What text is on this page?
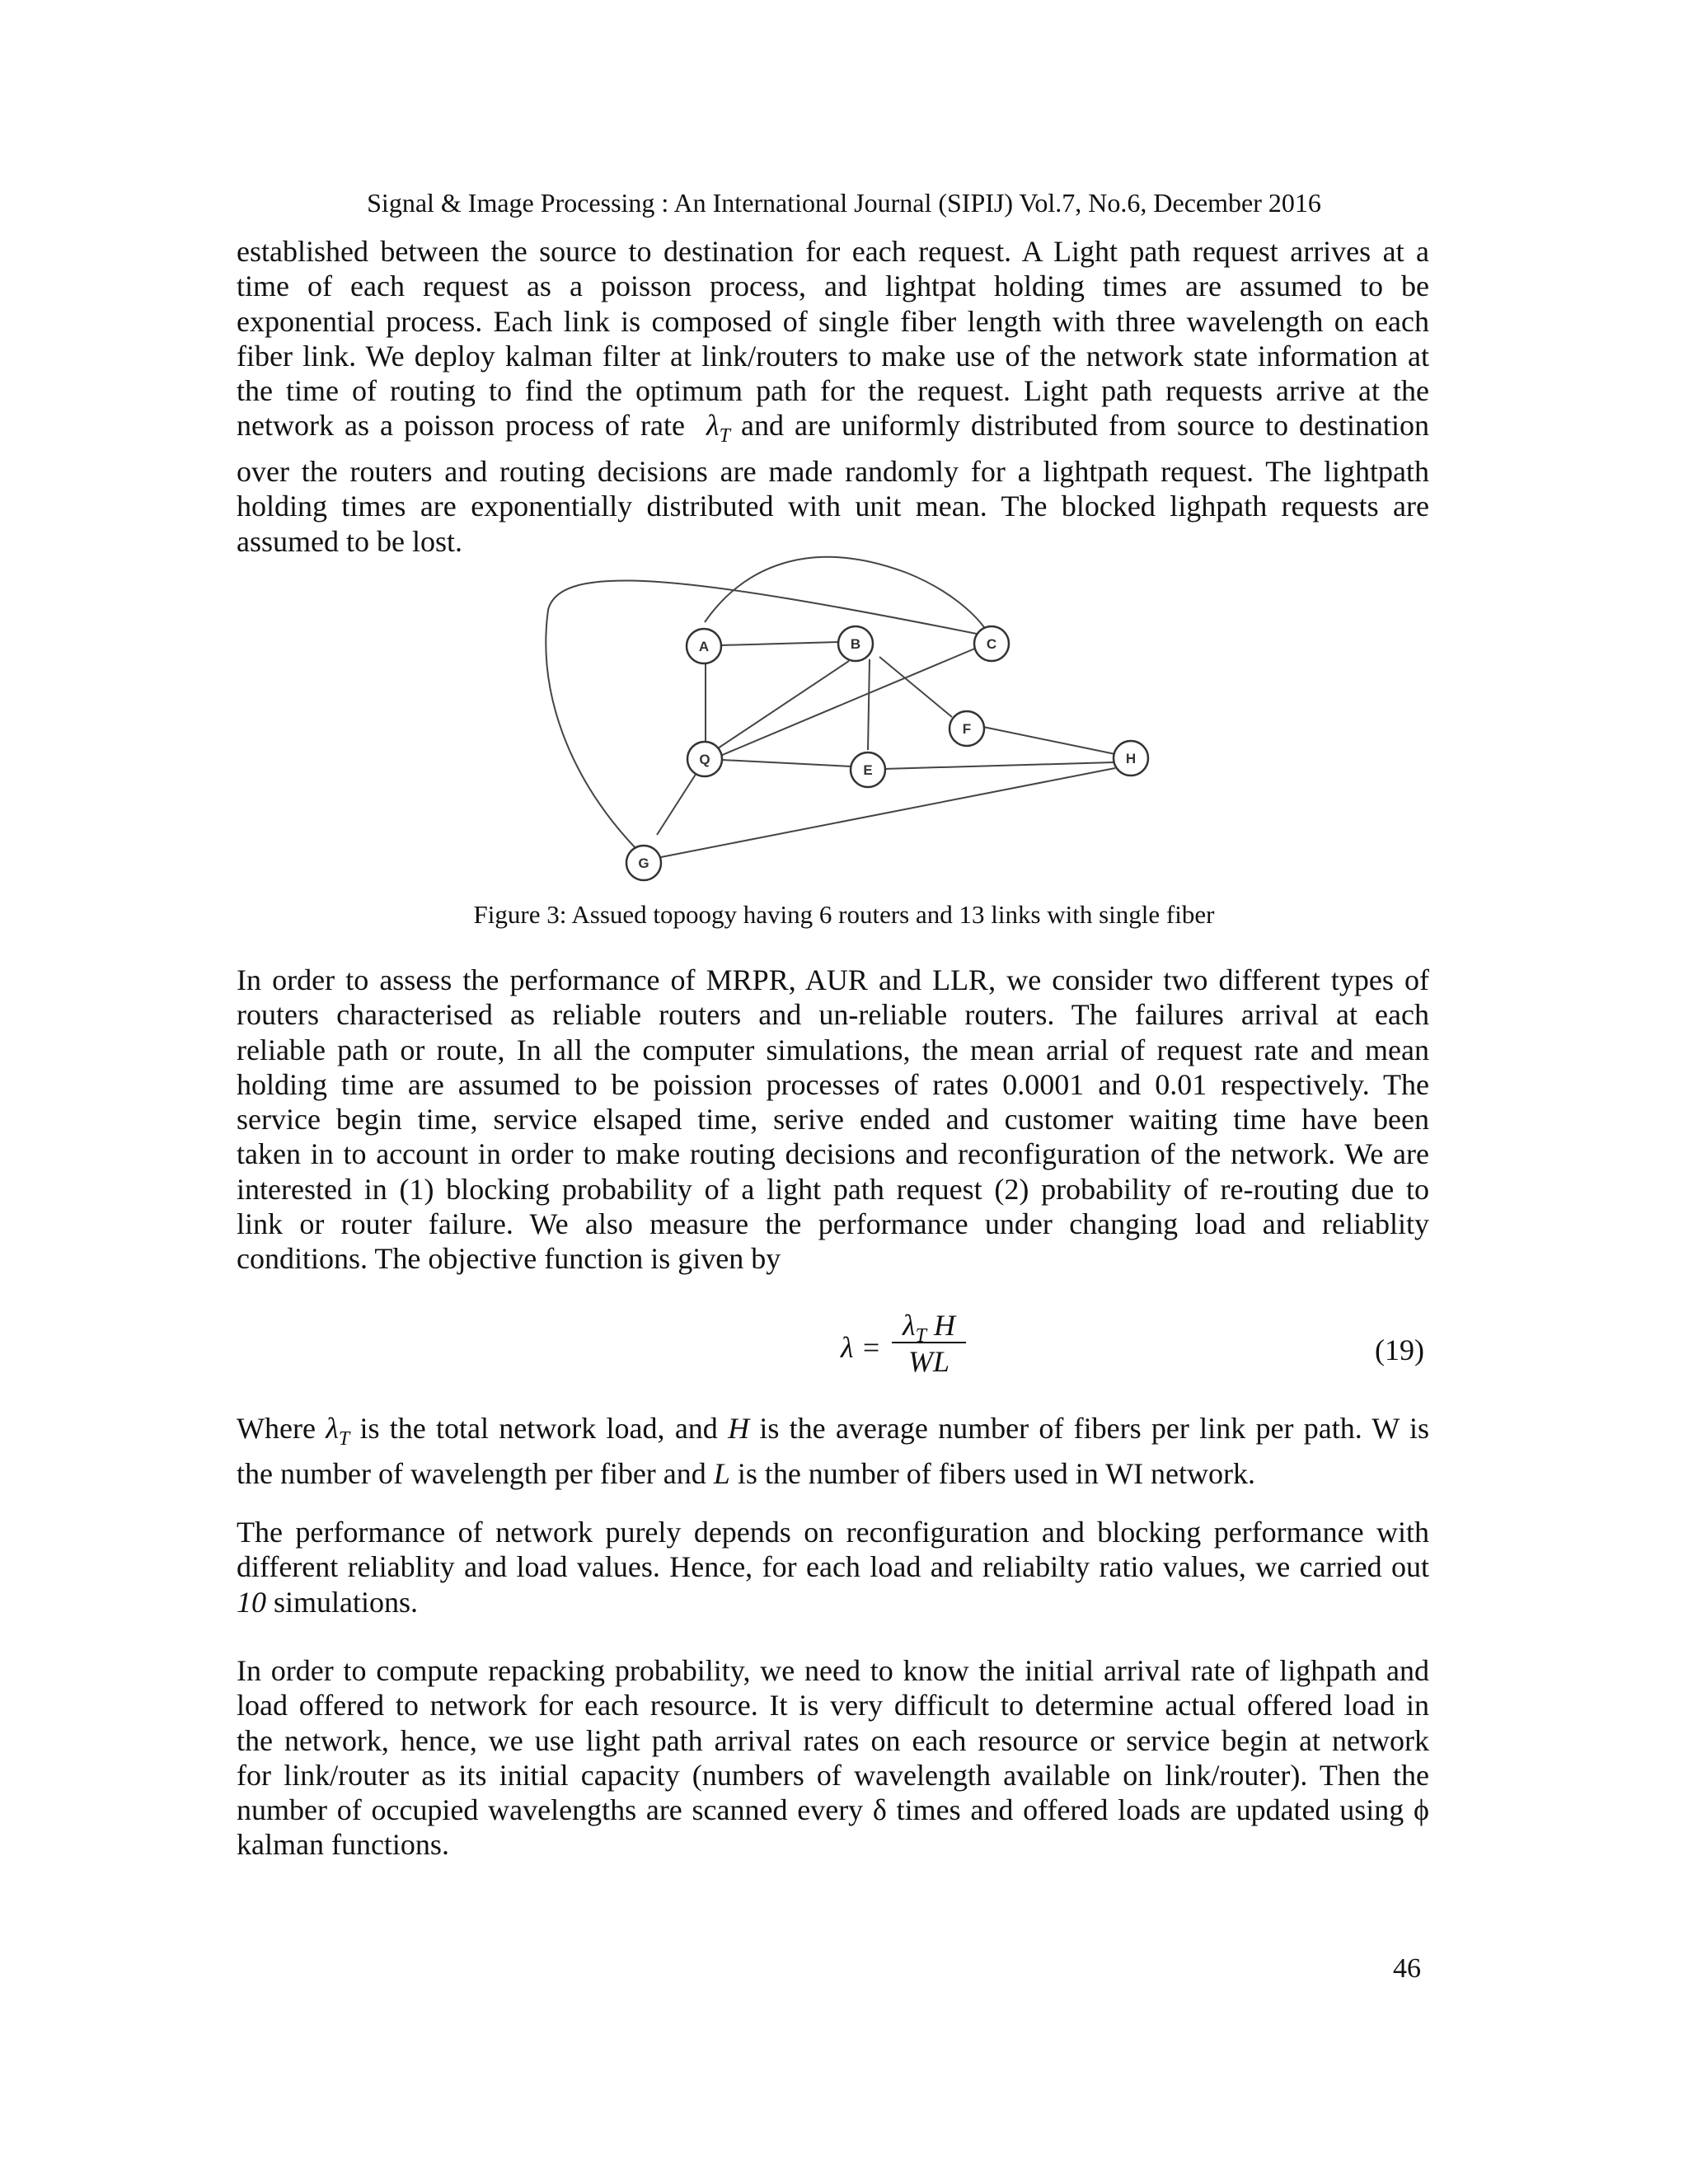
Signal & Image Processing : An International Journal (SIPIJ) Vol.7, No.6, December 2016
established between the source to destination for each request. A Light path request arrives at a
time of each request as a poisson process, and lightpat holding times are assumed to be
exponential process. Each link is composed of single fiber length with three wavelength on each
fiber link. We deploy kalman filter at link/routers to make use of the network state information at
the time of routing to find the optimum path for the request. Light path requests arrive at the
network as a poisson process of rate $\lambda_T$ and are uniformly distributed from source to destination
over the routers and routing decisions are made randomly for a lightpath request. The lightpath
holding times are exponentially distributed with unit mean. The blocked lighpath requests are
assumed to be lost.
A	B	C
F
H
Q
E
G
Figure 3: Assued topoogy having 6 routers and 13 links with single fiber
In order to assess the performance of MRPR, AUR and LLR, we consider two different types of
routers characterised as reliable routers and un-reliable routers. The failures arrival at each
reliable path or route, In all the computer simulations, the mean arrial of request rate and mean
holding time are assumed to be poission processes of rates 0.0001 and 0.01 respectively. The
service begin time, service elsaped time, serive ended and customer waiting time have been
taken in to account in order to make routing decisions and reconfiguration of the network. We are
interested in (1) blocking probability of a light path request (2) probability of re-routing due to
link or router failure. We also measure the performance under changing load and reliablity
conditions. The objective function is given by
$\lambda = \frac{\lambda_T H}{WL}$	(19)
Where $\lambda_T$ is the total network load, and H is the average number of fibers per link per path. W is
the number of wavelength per fiber and L is the number of fibers used in WI network.
The performance of network purely depends on reconfiguration and blocking performance with
different reliablity and load values. Hence, for each load and reliabilty ratio values, we carried out
10 simulations.
In order to compute repacking probability, we need to know the initial arrival rate of lighpath and
load offered to network for each resource. It is very difficult to determine actual offered load in
the network, hence, we use light path arrival rates on each resource or service begin at network
for link/router as its initial capacity (numbers of wavelength available on link/router). Then the
number of occupied wavelengths are scanned every δ times and offered loads are updated using ϕ
kalman functions.
46
